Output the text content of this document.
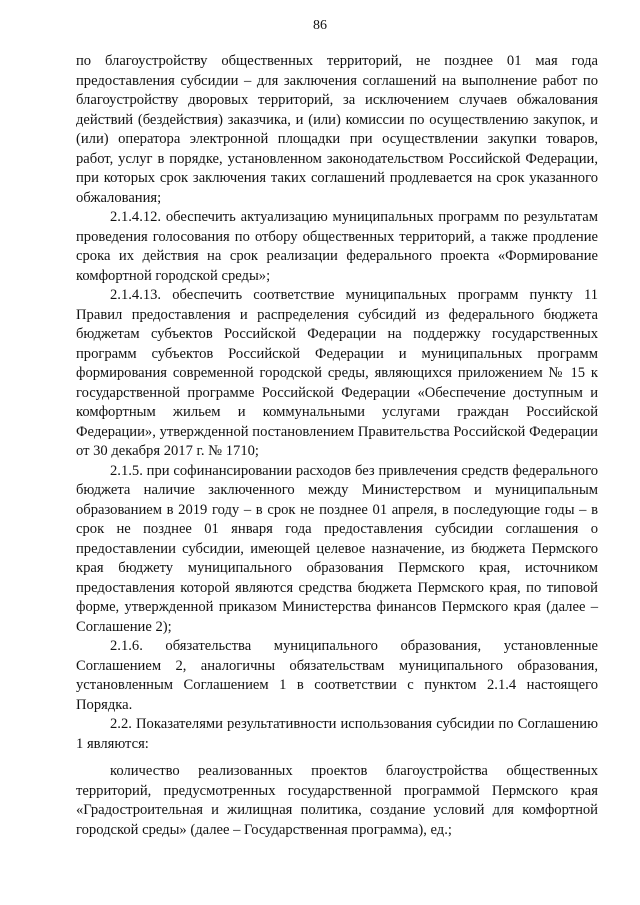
86

по благоустройству общественных территорий, не позднее 01 мая года предоставления субсидии – для заключения соглашений на выполнение работ по благоустройству дворовых территорий, за исключением случаев обжалования действий (бездействия) заказчика, и (или) комиссии по осуществлению закупок, и (или) оператора электронной площадки при осуществлении закупки товаров, работ, услуг в порядке, установленном законодательством Российской Федерации, при которых срок заключения таких соглашений продлевается на срок указанного обжалования;

2.1.4.12. обеспечить актуализацию муниципальных программ по результатам проведения голосования по отбору общественных территорий, а также продление срока их действия на срок реализации федерального проекта «Формирование комфортной городской среды»;

2.1.4.13. обеспечить соответствие муниципальных программ пункту 11 Правил предоставления и распределения субсидий из федерального бюджета бюджетам субъектов Российской Федерации на поддержку государственных программ субъектов Российской Федерации и муниципальных программ формирования современной городской среды, являющихся приложением № 15 к государственной программе Российской Федерации «Обеспечение доступным и комфортным жильем и коммунальными услугами граждан Российской Федерации», утвержденной постановлением Правительства Российской Федерации от 30 декабря 2017 г. № 1710;

2.1.5. при софинансировании расходов без привлечения средств федерального бюджета наличие заключенного между Министерством и муниципальным образованием в 2019 году – в срок не позднее 01 апреля, в последующие годы – в срок не позднее 01 января года предоставления субсидии соглашения о предоставлении субсидии, имеющей целевое назначение, из бюджета Пермского края бюджету муниципального образования Пермского края, источником предоставления которой являются средства бюджета Пермского края, по типовой форме, утвержденной приказом Министерства финансов Пермского края (далее – Соглашение 2);

2.1.6. обязательства муниципального образования, установленные Соглашением 2, аналогичны обязательствам муниципального образования, установленным Соглашением 1 в соответствии с пунктом 2.1.4 настоящего Порядка.

2.2. Показателями результативности использования субсидии по Соглашению 1 являются:

количество реализованных проектов благоустройства общественных территорий, предусмотренных государственной программой Пермского края «Градостроительная и жилищная политика, создание условий для комфортной городской среды» (далее – Государственная программа), ед.;
